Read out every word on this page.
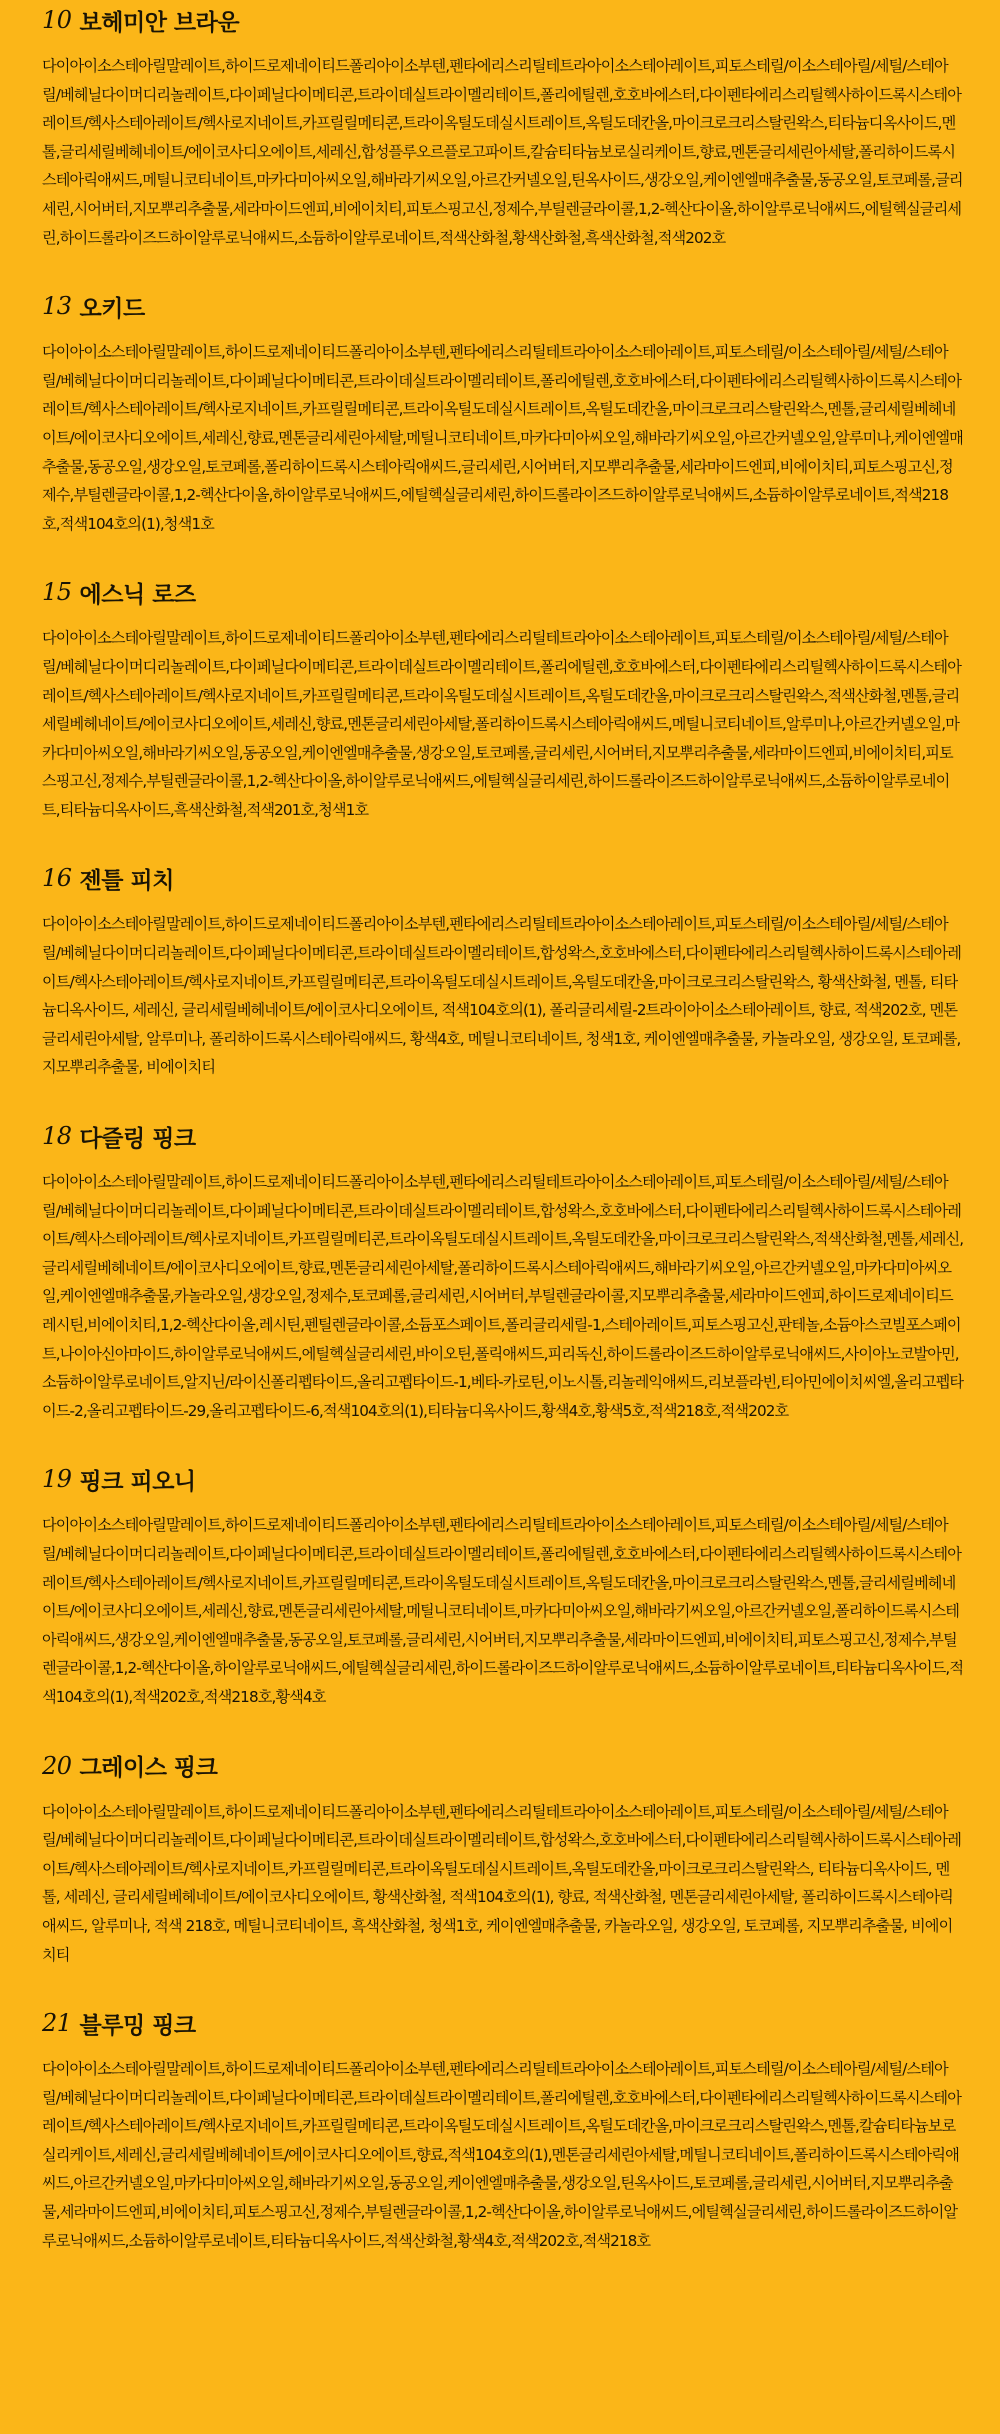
10 보헤미안 브라운

다이아이소스테아릴말레이트,하이드로제네이티드폴리아이소부텐,펜타에리스리틸테트라아이소스테아레이트,피토스테릴/이소스테아릴/세틸/스테아릴/베헤닐다이머디리놀레이트,다이페닐다이메티콘,트라이데실트라이멜리테이트,폴리에틸렌,호호바에스터,다이펜타에리스리틸헥사하이드록시스테아레이트/헥사스테아레이트/헥사로지네이트,카프릴릴메티콘,트라이옥틸도데실시트레이트,옥틸도데칸올,마이크로크리스탈린왁스,티타늄디옥사이드,멘톨,글리세릴베헤네이트/에이코사디오에이트,세레신,합성플루오르플로고파이트,칼슘티타늄보로실리케이트,향료,멘톤글리세린아세탈,폴리하이드록시스테아릭애씨드,메틸니코티네이트,마카다미아씨오일,해바라기씨오일,아르간커넬오일,틴옥사이드,생강오일,케이엔엘매추출물,동공오일,토코페롤,글리세린,시어버터,지모뿌리추출물,세라마이드엔피,비에이치티,피토스핑고신,정제수,부틸렌글라이콜,1,2-헥산다이올,하이알루로닉애씨드,에틸헥실글리세린,하이드롤라이즈드하이알루로닉애씨드,소듐하이알루로네이트,적색산화철,황색산화철,흑색산화철,적색202호

13 오키드

다이아이소스테아릴말레이트,하이드로제네이티드폴리아이소부텐,펜타에리스리틸테트라아이소스테아레이트,피토스테릴/이소스테아릴/세틸/스테아릴/베헤닐다이머디리놀레이트,다이페닐다이메티콘,트라이데실트라이멜리테이트,폴리에틸렌,호호바에스터,다이펜타에리스리틸헥사하이드록시스테아레이트/헥사스테아레이트/헥사로지네이트,카프릴릴메티콘,트라이옥틸도데실시트레이트,옥틸도데칸올,마이크로크리스탈린왁스,멘톨,글리세릴베헤네이트/에이코사디오에이트,세레신,향료,멘톤글리세린아세탈,메틸니코티네이트,마카다미아씨오일,해바라기씨오일,아르간커넬오일,알루미나,케이엔엘매추출물,동공오일,생강오일,토코페롤,폴리하이드록시스테아릭애씨드,글리세린,시어버터,지모뿌리추출물,세라마이드엔피,비에이치티,피토스핑고신,정제수,부틸렌글라이콜,1,2-헥산다이올,하이알루로닉애씨드,에틸헥실글리세린,하이드롤라이즈드하이알루로닉애씨드,소듐하이알루로네이트,적색218호,적색104호의(1),청색1호

15 에스닉 로즈

다이아이소스테아릴말레이트,하이드로제네이티드폴리아이소부텐,펜타에리스리틸테트라아이소스테아레이트,피토스테릴/이소스테아릴/세틸/스테아릴/베헤닐다이머디리놀레이트,다이페닐다이메티콘,트라이데실트라이멜리테이트,폴리에틸렌,호호바에스터,다이펜타에리스리틸헥사하이드록시스테아레이트/헥사스테아레이트/헥사로지네이트,카프릴릴메티콘,트라이옥틸도데실시트레이트,옥틸도데칸올,마이크로크리스탈린왁스,적색산화철,멘톨,글리세릴베헤네이트/에이코사디오에이트,세레신,향료,멘톤글리세린아세탈,폴리하이드록시스테아릭애씨드,메틸니코티네이트,알루미나,아르간커넬오일,마카다미아씨오일,해바라기씨오일,동공오일,케이엔엘매추출물,생강오일,토코페롤,글리세린,시어버터,지모뿌리추출물,세라마이드엔피,비에이치티,피토스핑고신,정제수,부틸렌글라이콜,1,2-헥산다이올,하이알루로닉애씨드,에틸헥실글리세린,하이드롤라이즈드하이알루로닉애씨드,소듐하이알루로네이트,티타늄디옥사이드,흑색산화철,적색201호,청색1호

16 젠틀 피치

다이아이소스테아릴말레이트,하이드로제네이티드폴리아이소부텐,펜타에리스리틸테트라아이소스테아레이트,피토스테릴/이소스테아릴/세틸/스테아릴/베헤닐다이머디리놀레이트,다이페닐다이메티콘,트라이데실트라이멜리테이트,합성왁스,호호바에스터,다이펜타에리스리틸헥사하이드록시스테아레이트/헥사스테아레이트/헥사로지네이트,카프릴릴메티콘,트라이옥틸도데실시트레이트,옥틸도데칸올,마이크로크리스탈린왁스, 황색산화철, 멘톨, 티타늄디옥사이드, 세레신, 글리세릴베헤네이트/에이코사디오에이트, 적색104호의(1), 폴리글리세릴-2트라이아이소스테아레이트, 향료, 적색202호, 멘톤글리세린아세탈, 알루미나, 폴리하이드록시스테아릭애씨드, 황색4호, 메틸니코티네이트, 청색1호, 케이엔엘매추출물, 카놀라오일, 생강오일, 토코페롤, 지모뿌리추출물, 비에이치티

18 다즐링 핑크

다이아이소스테아릴말레이트,하이드로제네이티드폴리아이소부텐,펜타에리스리틸테트라아이소스테아레이트,피토스테릴/이소스테아릴/세틸/스테아릴/베헤닐다이머디리놀레이트,다이페닐다이메티콘,트라이데실트라이멜리테이트,합성왁스,호호바에스터,다이펜타에리스리틸헥사하이드록시스테아레이트/헥사스테아레이트/헥사로지네이트,카프릴릴메티콘,트라이옥틸도데실시트레이트,옥틸도데칸올,마이크로크리스탈린왁스,적색산화철,멘톨,세레신,글리세릴베헤네이트/에이코사디오에이트,향료,멘톤글리세린아세탈,폴리하이드록시스테아릭애씨드,해바라기씨오일,아르간커넬오일,마카다미아씨오일,케이엔엘매추출물,카놀라오일,생강오일,정제수,토코페롤,글리세린,시어버터,부틸렌글라이콜,지모뿌리추출물,세라마이드엔피,하이드로제네이티드레시틴,비에이치티,1,2-헥산다이올,레시틴,펜틸렌글라이콜,소듐포스페이트,폴리글리세릴-1,스테아레이트,피토스핑고신,판테놀,소듐아스코빌포스페이트,나이아신아마이드,하이알루로닉애씨드,에틸헥실글리세린,바이오틴,폴릭애씨드,피리독신,하이드롤라이즈드하이알루로닉애씨드,사이아노코발아민,소듐하이알루로네이트,알지닌/라이신폴리펩타이드,올리고펩타이드-1,베타-카로틴,이노시톨,리놀레익애씨드,리보플라빈,티아민에이치씨엘,올리고펩타이드-2,올리고펩타이드-29,올리고펩타이드-6,적색104호의(1),티타늄디옥사이드,황색4호,황색5호,적색218호,적색202호

19 핑크 피오니

다이아이소스테아릴말레이트,하이드로제네이티드폴리아이소부텐,펜타에리스리틸테트라아이소스테아레이트,피토스테릴/이소스테아릴/세틸/스테아릴/베헤닐다이머디리놀레이트,다이페닐다이메티콘,트라이데실트라이멜리테이트,폴리에틸렌,호호바에스터,다이펜타에리스리틸헥사하이드록시스테아레이트/헥사스테아레이트/헥사로지네이트,카프릴릴메티콘,트라이옥틸도데실시트레이트,옥틸도데칸올,마이크로크리스탈린왁스,멘톨,글리세릴베헤네이트/에이코사디오에이트,세레신,향료,멘톤글리세린아세탈,메틸니코티네이트,마카다미아씨오일,해바라기씨오일,아르간커넬오일,폴리하이드록시스테아릭애씨드,생강오일,케이엔엘매추출물,동공오일,토코페롤,글리세린,시어버터,지모뿌리추출물,세라마이드엔피,비에이치티,피토스핑고신,정제수,부틸렌글라이콜,1,2-헥산다이올,하이알루로닉애씨드,에틸헥실글리세린,하이드롤라이즈드하이알루로닉애씨드,소듐하이알루로네이트,티타늄디옥사이드,적색104호의(1),적색202호,적색218호,황색4호

20 그레이스 핑크

다이아이소스테아릴말레이트,하이드로제네이티드폴리아이소부텐,펜타에리스리틸테트라아이소스테아레이트,피토스테릴/이소스테아릴/세틸/스테아릴/베헤닐다이머디리놀레이트,다이페닐다이메티콘,트라이데실트라이멜리테이트,합성왁스,호호바에스터,다이펜타에리스리틸헥사하이드록시스테아레이트/헥사스테아레이트/헥사로지네이트,카프릴릴메티콘,트라이옥틸도데실시트레이트,옥틸도데칸올,마이크로크리스탈린왁스, 티타늄디옥사이드, 멘톨, 세레신, 글리세릴베헤네이트/에이코사디오에이트, 황색산화철, 적색104호의(1), 향료, 적색산화철, 멘톤글리세린아세탈, 폴리하이드록시스테아릭애씨드, 알루미나, 적색 218호, 메틸니코티네이트, 흑색산화철, 청색1호, 케이엔엘매추출물, 카놀라오일, 생강오일, 토코페롤, 지모뿌리추출물, 비에이치티

21 블루밍 핑크

다이아이소스테아릴말레이트,하이드로제네이티드폴리아이소부텐,펜타에리스리틸테트라아이소스테아레이트,피토스테릴/이소스테아릴/세틸/스테아릴/베헤닐다이머디리놀레이트,다이페닐다이메티콘,트라이데실트라이멜리테이트,폴리에틸렌,호호바에스터,다이펜타에리스리틸헥사하이드록시스테아레이트/헥사스테아레이트/헥사로지네이트,카프릴릴메티콘,트라이옥틸도데실시트레이트,옥틸도데칸올,마이크로크리스탈린왁스,멘톨,칼슘티타늄보로실리케이트,세레신,글리세릴베헤네이트/에이코사디오에이트,향료,적색104호의(1),멘톤글리세린아세탈,메틸니코티네이트,폴리하이드록시스테아릭애씨드,아르간커넬오일,마카다미아씨오일,해바라기씨오일,동공오일,케이엔엘매추출물,생강오일,틴옥사이드,토코페롤,글리세린,시어버터,지모뿌리추출물,세라마이드엔피,비에이치티,피토스핑고신,정제수,부틸렌글라이콜,1,2-헥산다이올,하이알루로닉애씨드,에틸헥실글리세린,하이드롤라이즈드하이알루로닉애씨드,소듐하이알루로네이트,티타늄디옥사이드,적색산화철,황색4호,적색202호,적색218호
